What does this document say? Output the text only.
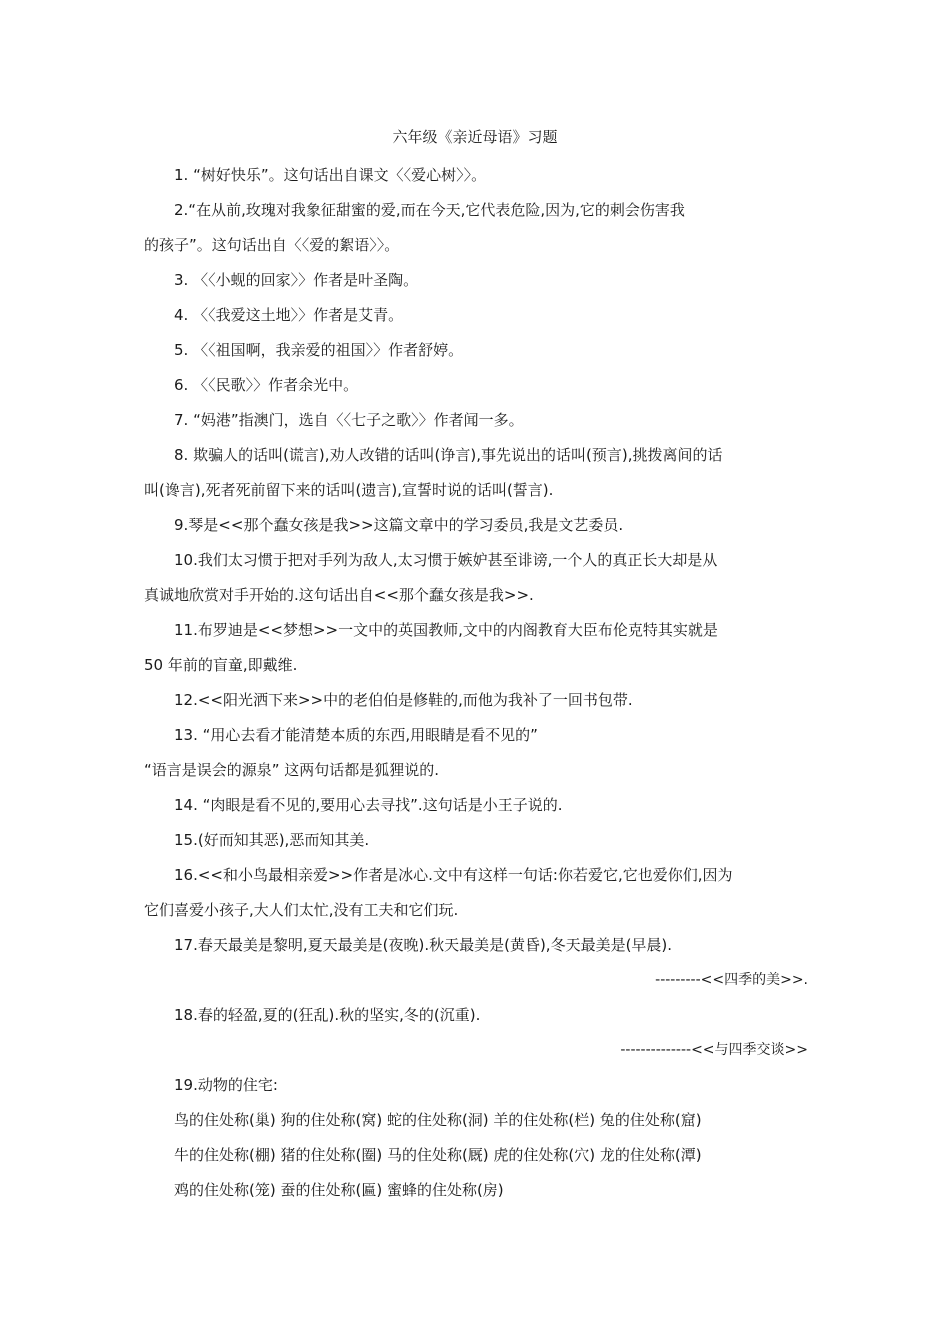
六年级《亲近母语》习题
1. “树好快乐”。这句话出自课文〈〈爱心树〉〉。
2.“在从前,玫瑰对我象征甜蜜的爱,而在今天,它代表危险,因为,它的刺会伤害我
的孩子”。这句话出自〈〈爱的絮语〉〉。
3. 〈〈小蚬的回家〉〉作者是叶圣陶。
4. 〈〈我爱这土地〉〉作者是艾青。
5. 〈〈祖国啊，我亲爱的祖国〉〉作者舒婷。
6. 〈〈民歌〉〉作者余光中。
7. “妈港”指澳门，选自〈〈七子之歌〉〉作者闻一多。
8. 欺骗人的话叫(谎言),劝人改错的话叫(诤言),事先说出的话叫(预言),挑拨离间的话
叫(谗言),死者死前留下来的话叫(遗言),宣誓时说的话叫(誓言).
9.琴是<<那个蠢女孩是我>>这篇文章中的学习委员,我是文艺委员.
10.我们太习惯于把对手列为敌人,太习惯于嫉妒甚至诽谤,一个人的真正长大却是从
真诚地欣赏对手开始的.这句话出自<<那个蠢女孩是我>>.
11.布罗迪是<<梦想>>一文中的英国教师,文中的内阁教育大臣布伦克特其实就是
50 年前的盲童,即戴维.
12.<<阳光洒下来>>中的老伯伯是修鞋的,而他为我补了一回书包带.
13. “用心去看才能清楚本质的东西,用眼睛是看不见的”
“语言是误会的源泉” 这两句话都是狐狸说的.
14. “肉眼是看不见的,要用心去寻找”.这句话是小王子说的.
15.(好而知其恶),恶而知其美.
16.<<和小鸟最相亲爱>>作者是冰心.文中有这样一句话:你若爱它,它也爱你们,因为
它们喜爱小孩子,大人们太忙,没有工夫和它们玩.
17.春天最美是黎明,夏天最美是(夜晚).秋天最美是(黄昏),冬天最美是(早晨).
---------<<四季的美>>.
18.春的轻盈,夏的(狂乱).秋的坚实,冬的(沉重).
--------------<<与四季交谈>>
19.动物的住宅:
鸟的住处称(巢) 狗的住处称(窝) 蛇的住处称(洞) 羊的住处称(栏) 兔的住处称(窟)
牛的住处称(棚) 猪的住处称(圈) 马的住处称(厩) 虎的住处称(穴) 龙的住处称(潭)
鸡的住处称(笼) 蚕的住处称(匾) 蜜蜂的住处称(房)
